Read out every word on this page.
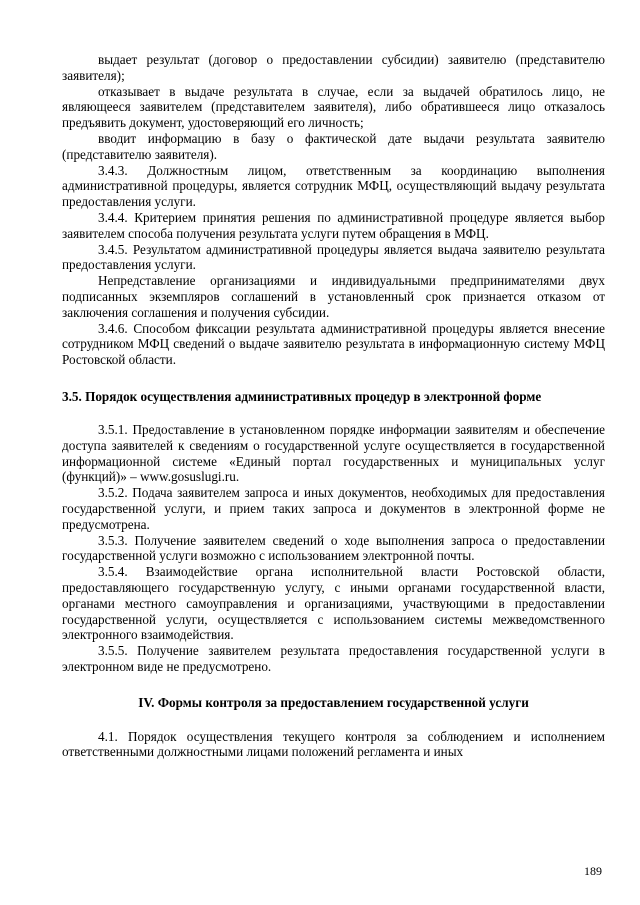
выдает результат (договор о предоставлении субсидии) заявителю (представителю заявителя);

отказывает в выдаче результата в случае, если за выдачей обратилось лицо, не являющееся заявителем (представителем заявителя), либо обратившееся лицо отказалось предъявить документ, удостоверяющий его личность;

вводит информацию в базу о фактической дате выдачи результата заявителю (представителю заявителя).

3.4.3. Должностным лицом, ответственным за координацию выполнения административной процедуры, является сотрудник МФЦ, осуществляющий выдачу результата предоставления услуги.

3.4.4. Критерием принятия решения по административной процедуре является выбор заявителем способа получения результата услуги путем обращения в МФЦ.

3.4.5. Результатом административной процедуры является выдача заявителю результата предоставления услуги.

Непредставление организациями и индивидуальными предпринимателями двух подписанных экземпляров соглашений в установленный срок признается отказом от заключения соглашения и получения субсидии.

3.4.6. Способом фиксации результата административной процедуры является внесение сотрудником МФЦ сведений о выдаче заявителю результата в информационную систему МФЦ Ростовской области.

3.5. Порядок осуществления административных процедур в электронной форме

3.5.1. Предоставление в установленном порядке информации заявителям и обеспечение доступа заявителей к сведениям о государственной услуге осуществляется в государственной информационной системе «Единый портал государственных и муниципальных услуг (функций)» – www.gosuslugi.ru.

3.5.2. Подача заявителем запроса и иных документов, необходимых для предоставления государственной услуги, и прием таких запроса и документов в электронной форме не предусмотрена.

3.5.3. Получение заявителем сведений о ходе выполнения запроса о предоставлении государственной услуги возможно с использованием электронной почты.

3.5.4. Взаимодействие органа исполнительной власти Ростовской области, предоставляющего государственную услугу, с иными органами государственной власти, органами местного самоуправления и организациями, участвующими в предоставлении государственной услуги, осуществляется с использованием системы межведомственного электронного взаимодействия.

3.5.5. Получение заявителем результата предоставления государственной услуги в электронном виде не предусмотрено.

IV. Формы контроля за предоставлением государственной услуги

4.1. Порядок осуществления текущего контроля за соблюдением и исполнением ответственными должностными лицами положений регламента и иных

189
